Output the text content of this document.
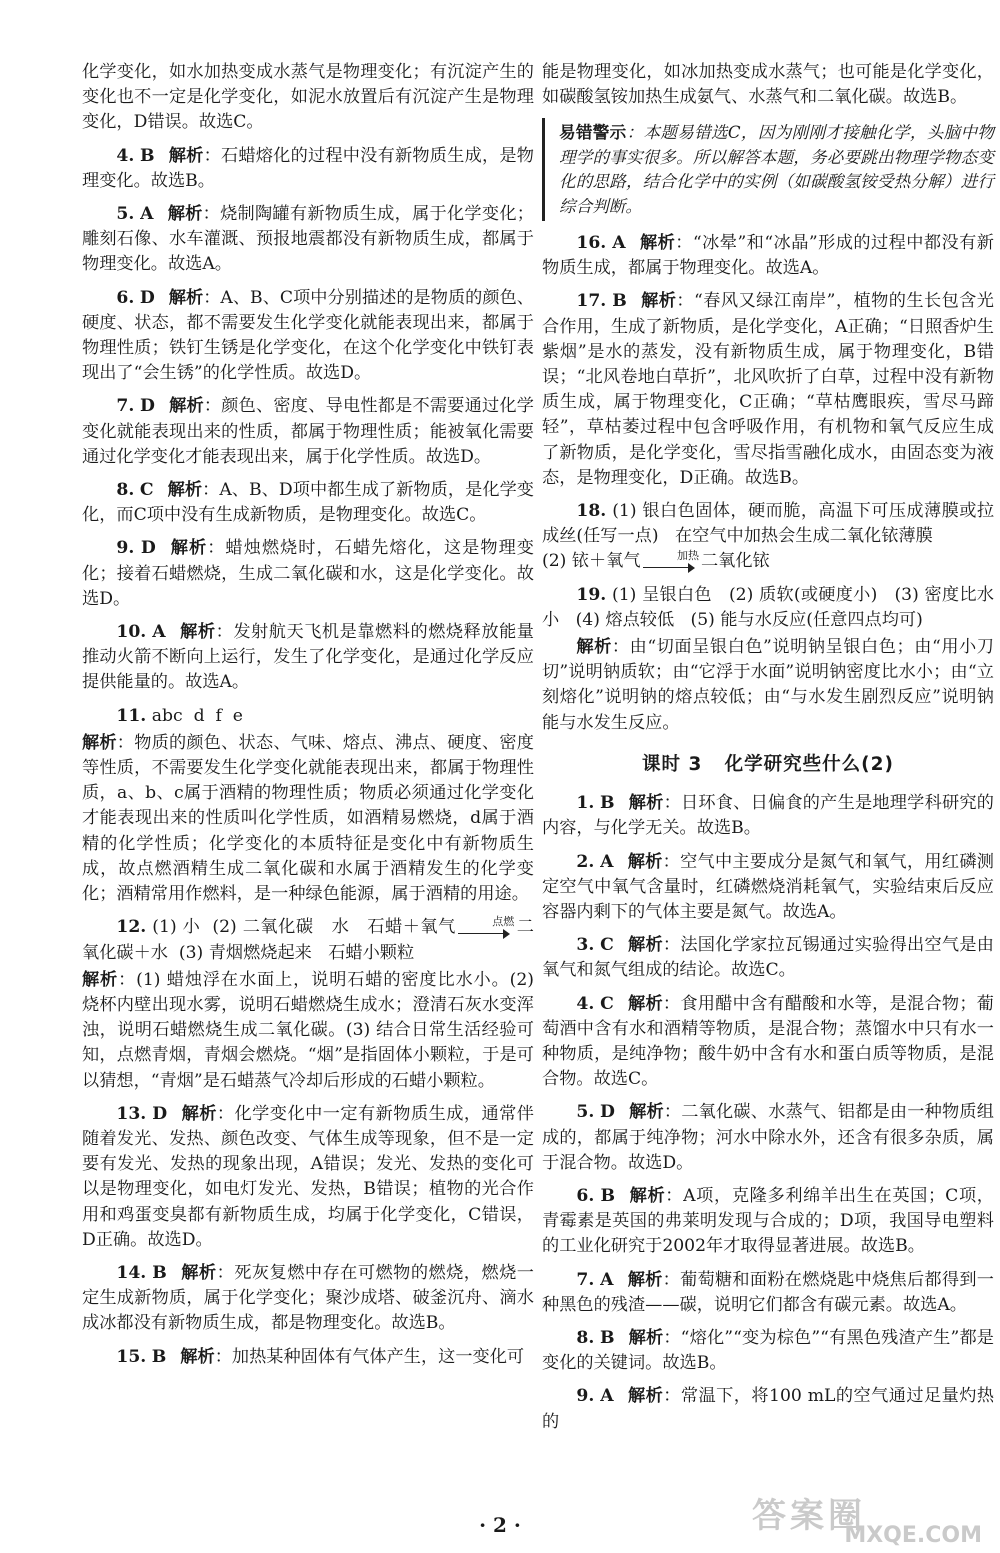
化学变化，如水加热变成水蒸气是物理变化；有沉淀产生的变化也不一定是化学变化，如泥水放置后有沉淀产生是物理变化，D错误。故选C。

4. B 解析：石蜡熔化的过程中没有新物质生成，是物理变化。故选B。

5. A 解析：烧制陶罐有新物质生成，属于化学变化；雕刻石像、水车灌溉、预报地震都没有新物质生成，都属于物理变化。故选A。

6. D 解析：A、B、C项中分别描述的是物质的颜色、硬度、状态，都不需要发生化学变化就能表现出来，都属于物理性质；铁钉生锈是化学变化，在这个化学变化中铁钉表现出了“会生锈”的化学性质。故选D。

7. D 解析：颜色、密度、导电性都是不需要通过化学变化就能表现出来的性质，都属于物理性质；能被氧化需要通过化学变化才能表现出来，属于化学性质。故选D。

8. C 解析：A、B、D项中都生成了新物质，是化学变化，而C项中没有生成新物质，是物理变化。故选C。

9. D 解析：蜡烛燃烧时，石蜡先熔化，这是物理变化；接着石蜡燃烧，生成二氧化碳和水，这是化学变化。故选D。

10. A 解析：发射航天飞机是靠燃料的燃烧释放能量推动火箭不断向上运行，发生了化学变化，是通过化学反应提供能量的。故选A。

11. abc  d  f  e

解析：物质的颜色、状态、气味、熔点、沸点、硬度、密度等性质，不需要发生化学变化就能表现出来，都属于物理性质，a、b、c属于酒精的物理性质；物质必须通过化学变化才能表现出来的性质叫化学性质，如酒精易燃烧，d属于酒精的化学性质；化学变化的本质特征是变化中有新物质生成，故点燃酒精生成二氧化碳和水属于酒精发生的化学变化；酒精常用作燃料，是一种绿色能源，属于酒精的用途。

12. (1) 小 (2) 二氧化碳 水 石蜡＋氧气	点燃 二氧化碳＋水 (3) 青烟燃烧起来 石蜡小颗粒

解析：(1) 蜡烛浮在水面上，说明石蜡的密度比水小。(2) 烧杯内壁出现水雾，说明石蜡燃烧生成水；澄清石灰水变浑浊，说明石蜡燃烧生成二氧化碳。(3) 结合日常生活经验可知，点燃青烟，青烟会燃烧。“烟”是指固体小颗粒，于是可以猜想，“青烟”是石蜡蒸气冷却后形成的石蜡小颗粒。

13. D 解析：化学变化中一定有新物质生成，通常伴随着发光、发热、颜色改变、气体生成等现象，但不是一定要有发光、发热的现象出现，A错误；发光、发热的变化可以是物理变化，如电灯发光、发热，B错误；植物的光合作用和鸡蛋变臭都有新物质生成，均属于化学变化，C错误，D正确。故选D。

14. B 解析：死灰复燃中存在可燃物的燃烧，燃烧一定生成新物质，属于化学变化；聚沙成塔、破釜沉舟、滴水成冰都没有新物质生成，都是物理变化。故选B。

15. B 解析：加热某种固体有气体产生，这一变化可

能是物理变化，如冰加热变成水蒸气；也可能是化学变化，如碳酸氢铵加热生成氨气、水蒸气和二氧化碳。故选B。

易错警示：本题易错选C，因为刚刚才接触化学，头脑中物理学的事实很多。所以解答本题，务必要跳出物理学物态变化的思路，结合化学中的实例（如碳酸氢铵受热分解）进行综合判断。

16. A 解析：“冰晕”和“冰晶”形成的过程中都没有新物质生成，都属于物理变化。故选A。

17. B 解析：“春风又绿江南岸”，植物的生长包含光合作用，生成了新物质，是化学变化，A正确；“日照香炉生紫烟”是水的蒸发，没有新物质生成，属于物理变化，B错误；“北风卷地白草折”，北风吹折了白草，过程中没有新物质生成，属于物理变化，C正确；“草枯鹰眼疾，雪尽马蹄轻”，草枯萎过程中包含呼吸作用，有机物和氧气反应生成了新物质，是化学变化，雪尽指雪融化成水，由固态变为液态，是物理变化，D正确。故选B。

18. (1) 银白色固体，硬而脆，高温下可压成薄膜或拉成丝(任写一点) 在空气中加热会生成二氧化铱薄膜
(2) 铱＋氧气	加热 二氧化铱

19. (1) 呈银白色   (2) 质软(或硬度小)   (3) 密度比水小   (4) 熔点较低   (5) 能与水反应(任意四点均可)

解析：由“切面呈银白色”说明钠呈银白色；由“用小刀切”说明钠质软；由“它浮于水面”说明钠密度比水小；由“立刻熔化”说明钠的熔点较低；由“与水发生剧烈反应”说明钠能与水发生反应。

课时 3   化学研究些什么(2)

1. B 解析：日环食、日偏食的产生是地理学科研究的内容，与化学无关。故选B。

2. A 解析：空气中主要成分是氮气和氧气，用红磷测定空气中氧气含量时，红磷燃烧消耗氧气，实验结束后反应容器内剩下的气体主要是氮气。故选A。

3. C 解析：法国化学家拉瓦锡通过实验得出空气是由氧气和氮气组成的结论。故选C。

4. C 解析：食用醋中含有醋酸和水等，是混合物；葡萄酒中含有水和酒精等物质，是混合物；蒸馏水中只有水一种物质，是纯净物；酸牛奶中含有水和蛋白质等物质，是混合物。故选C。

5. D 解析：二氧化碳、水蒸气、铝都是由一种物质组成的，都属于纯净物；河水中除水外，还含有很多杂质，属于混合物。故选D。

6. B 解析：A项，克隆多利绵羊出生在英国；C项，青霉素是英国的弗莱明发现与合成的；D项，我国导电塑料的工业化研究于2002年才取得显著进展。故选B。

7. A 解析：葡萄糖和面粉在燃烧匙中烧焦后都得到一种黑色的残渣——碳，说明它们都含有碳元素。故选A。

8. B 解析：“熔化”“变为棕色”“有黑色残渣产生”都是变化的关键词。故选B。

9. A 解析：常温下，将100 mL的空气通过足量灼热的

· 2 ·	答案圈
MXQE.COM
